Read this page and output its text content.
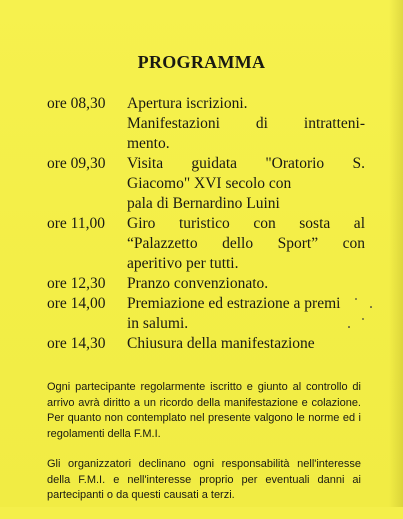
PROGRAMMA
ore 08,30	Apertura iscrizioni.
Manifestazioni di intratteni-
mento.
ore 09,30	Visita guidata "Oratorio S.
Giacomo" XVI secolo con
pala di Bernardino Luini
ore 11,00	Giro turistico con sosta al
“Palazzetto dello Sport” con
aperitivo per tutti.
ore 12,30	Pranzo convenzionato.
ore 14,00	Premiazione ed estrazione a premi
in salumi.
ore 14,30	Chiusura della manifestazione

Ogni partecipante regolarmente iscritto e giunto al controllo di arrivo avrà diritto a un ricordo della manifestazione e colazione. Per quanto non contemplato nel presente valgono le norme ed i regolamenti della F.M.I.

Gli organizzatori declinano ogni responsabilità nell'interesse della F.M.I. e nell'interesse proprio per eventuali danni ai partecipanti o da questi causati a terzi.
